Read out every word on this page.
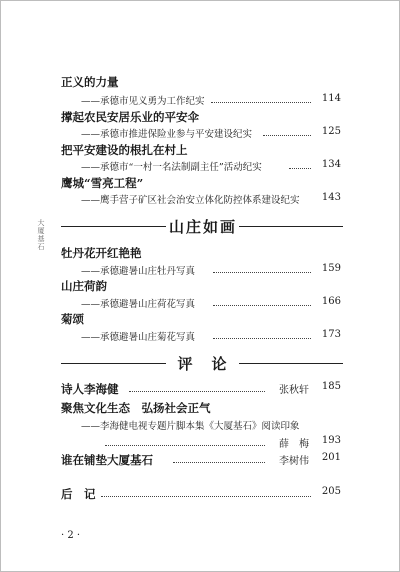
大厦基石
正义的力量
——承德市见义勇为工作纪实	114
撑起农民安居乐业的平安伞
——承德市推进保险业参与平安建设纪实	125
把平安建设的根扎在村上
——承德市“一村一名法制副主任”活动纪实	134
鹰城“雪亮工程”
——鹰手营子矿区社会治安立体化防控体系建设纪实	143
山庄如画
牡丹花开红艳艳
——承德避暑山庄牡丹写真	159
山庄荷韵
——承德避暑山庄荷花写真	166
菊颂
——承德避暑山庄菊花写真	173
评　论
诗人李海健	张秋轩	185
聚焦文化生态　弘扬社会正气
——李海健电视专题片脚本集《大厦基石》阅读印象
薛　梅	193
谁在铺垫大厦基石	李树伟	201
后　记	205
· 2 ·
